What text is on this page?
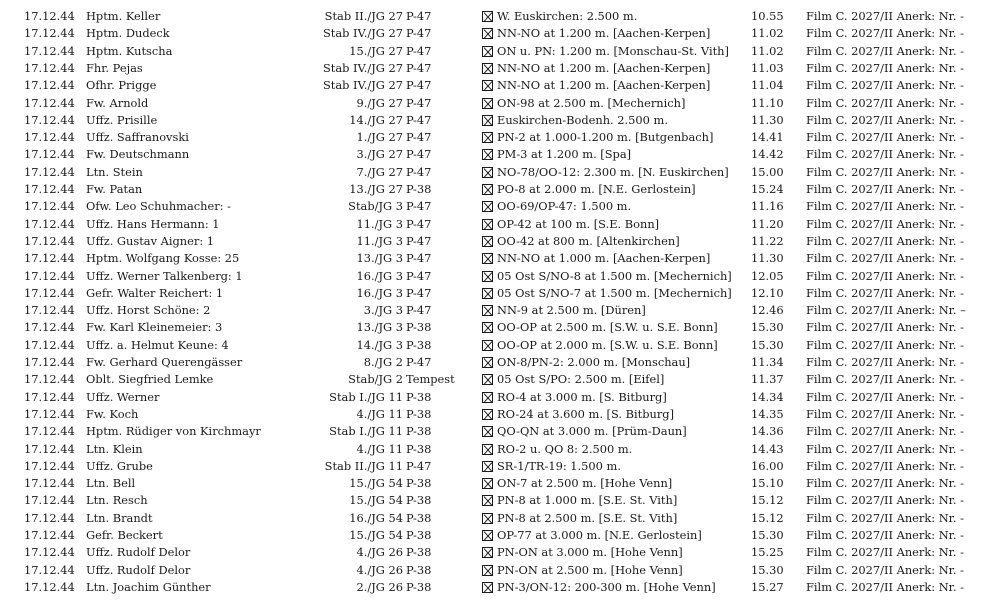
17.12.44 Hptm. Keller	Stab II./JG 27 P-47	W. Euskirchen: 2.500 m.	10.55 Film C. 2027/II Anerk: Nr. -
17.12.44 Hptm. Dudeck	Stab IV./JG 27 P-47	NN-NO at 1.200 m. [Aachen-Kerpen]	11.02 Film C. 2027/II Anerk: Nr. -
17.12.44 Hptm. Kutscha	15./JG 27 P-47	ON u. PN: 1.200 m. [Monschau-St. Vith] 11.02 Film C. 2027/II Anerk: Nr. -
17.12.44 Fhr. Pejas	Stab IV./JG 27 P-47	NN-NO at 1.200 m. [Aachen-Kerpen]	11.03 Film C. 2027/II Anerk: Nr. -
17.12.44 Ofhr. Prigge	Stab IV./JG 27 P-47	NN-NO at 1.200 m. [Aachen-Kerpen]	11.04 Film C. 2027/II Anerk: Nr. -
17.12.44 Fw. Arnold	9./JG 27 P-47	ON-98 at 2.500 m. [Mechernich]	11.10 Film C. 2027/II Anerk: Nr. -
17.12.44 Uffz. Prisille	14./JG 27 P-47	Euskirchen-Bodenh. 2.500 m.	11.30 Film C. 2027/II Anerk: Nr. -
17.12.44 Uffz. Saffranovski	1./JG 27 P-47	PN-2 at 1.000-1.200 m. [Butgenbach]	14.41 Film C. 2027/II Anerk: Nr. -
17.12.44 Fw. Deutschmann	3./JG 27 P-47	PM-3 at 1.200 m. [Spa]	14.42 Film C. 2027/II Anerk: Nr. -
17.12.44 Ltn. Stein	7./JG 27 P-47	NO-78/OO-12: 2.300 m. [N. Euskirchen] 15.00 Film C. 2027/II Anerk: Nr. -
17.12.44 Fw. Patan	13./JG 27 P-38	PO-8 at 2.000 m. [N.E. Gerlostein]	15.24 Film C. 2027/II Anerk: Nr. -
17.12.44 Ofw. Leo Schuhmacher: -	Stab/JG 3 P-47	OO-69/OP-47: 1.500 m.	11.16 Film C. 2027/II Anerk: Nr. -
17.12.44 Uffz. Hans Hermann: 1	11./JG 3 P-47	OP-42 at 100 m. [S.E. Bonn]	11.20 Film C. 2027/II Anerk: Nr. -
17.12.44 Uffz. Gustav Aigner: 1	11./JG 3 P-47	OO-42 at 800 m. [Altenkirchen]	11.22 Film C. 2027/II Anerk: Nr. -
17.12.44 Hptm. Wolfgang Kosse: 25	13./JG 3 P-47	NN-NO at 1.000 m. [Aachen-Kerpen]	11.30 Film C. 2027/II Anerk: Nr. -
17.12.44 Uffz. Werner Talkenberg: 1	16./JG 3 P-47	05 Ost S/NO-8 at 1.500 m. [Mechernich] 12.05 Film C. 2027/II Anerk: Nr. -
17.12.44 Gefr. Walter Reichert: 1	16./JG 3 P-47	05 Ost S/NO-7 at 1.500 m. [Mechernich] 12.10 Film C. 2027/II Anerk: Nr. -
17.12.44 Uffz. Horst Schöne: 2	3./JG 3 P-47	NN-9 at 2.500 m. [Düren]	12.46 Film C. 2027/II Anerk: Nr. –
17.12.44 Fw. Karl Kleinemeier: 3	13./JG 3 P-38	OO-OP at 2.500 m. [S.W. u. S.E. Bonn]	15.30 Film C. 2027/II Anerk: Nr. -
17.12.44 Uffz. a. Helmut Keune: 4	14./JG 3 P-38	OO-OP at 2.000 m. [S.W. u. S.E. Bonn]	15.30 Film C. 2027/II Anerk: Nr. -
17.12.44 Fw. Gerhard Querengässer	8./JG 2 P-47	ON-8/PN-2: 2.000 m. [Monschau]	11.34 Film C. 2027/II Anerk: Nr. -
17.12.44 Oblt. Siegfried Lemke	Stab/JG 2 Tempest	05 Ost S/PO: 2.500 m. [Eifel]	11.37 Film C. 2027/II Anerk: Nr. -
17.12.44 Uffz. Werner	Stab I./JG 11 P-38	RO-4 at 3.000 m. [S. Bitburg]	14.34 Film C. 2027/II Anerk: Nr. -
17.12.44 Fw. Koch	4./JG 11 P-38	RO-24 at 3.600 m. [S. Bitburg]	14.35 Film C. 2027/II Anerk: Nr. -
17.12.44 Hptm. Rüdiger von Kirchmayr	Stab I./JG 11 P-38	QO-QN at 3.000 m. [Prüm-Daun]	14.36 Film C. 2027/II Anerk: Nr. -
17.12.44 Ltn. Klein	4./JG 11 P-38	RO-2 u. QO 8: 2.500 m.	14.43 Film C. 2027/II Anerk: Nr. -
17.12.44 Uffz. Grube	Stab II./JG 11 P-47	SR-1/TR-19: 1.500 m.	16.00 Film C. 2027/II Anerk: Nr. -
17.12.44 Ltn. Bell	15./JG 54 P-38	ON-7 at 2.500 m. [Hohe Venn]	15.10 Film C. 2027/II Anerk: Nr. -
17.12.44 Ltn. Resch	15./JG 54 P-38	PN-8 at 1.000 m. [S.E. St. Vith]	15.12 Film C. 2027/II Anerk: Nr. -
17.12.44 Ltn. Brandt	16./JG 54 P-38	PN-8 at 2.500 m. [S.E. St. Vith]	15.12 Film C. 2027/II Anerk: Nr. -
17.12.44 Gefr. Beckert	15./JG 54 P-38	OP-77 at 3.000 m. [N.E. Gerlostein]	15.30 Film C. 2027/II Anerk: Nr. -
17.12.44 Uffz. Rudolf Delor	4./JG 26 P-38	PN-ON at 3.000 m. [Hohe Venn]	15.25 Film C. 2027/II Anerk: Nr. -
17.12.44 Uffz. Rudolf Delor	4./JG 26 P-38	PN-ON at 2.500 m. [Hohe Venn]	15.30 Film C. 2027/II Anerk: Nr. -
17.12.44 Ltn. Joachim Günther	2./JG 26 P-38	PN-3/ON-12: 200-300 m. [Hohe Venn]	15.27 Film C. 2027/II Anerk: Nr. -
